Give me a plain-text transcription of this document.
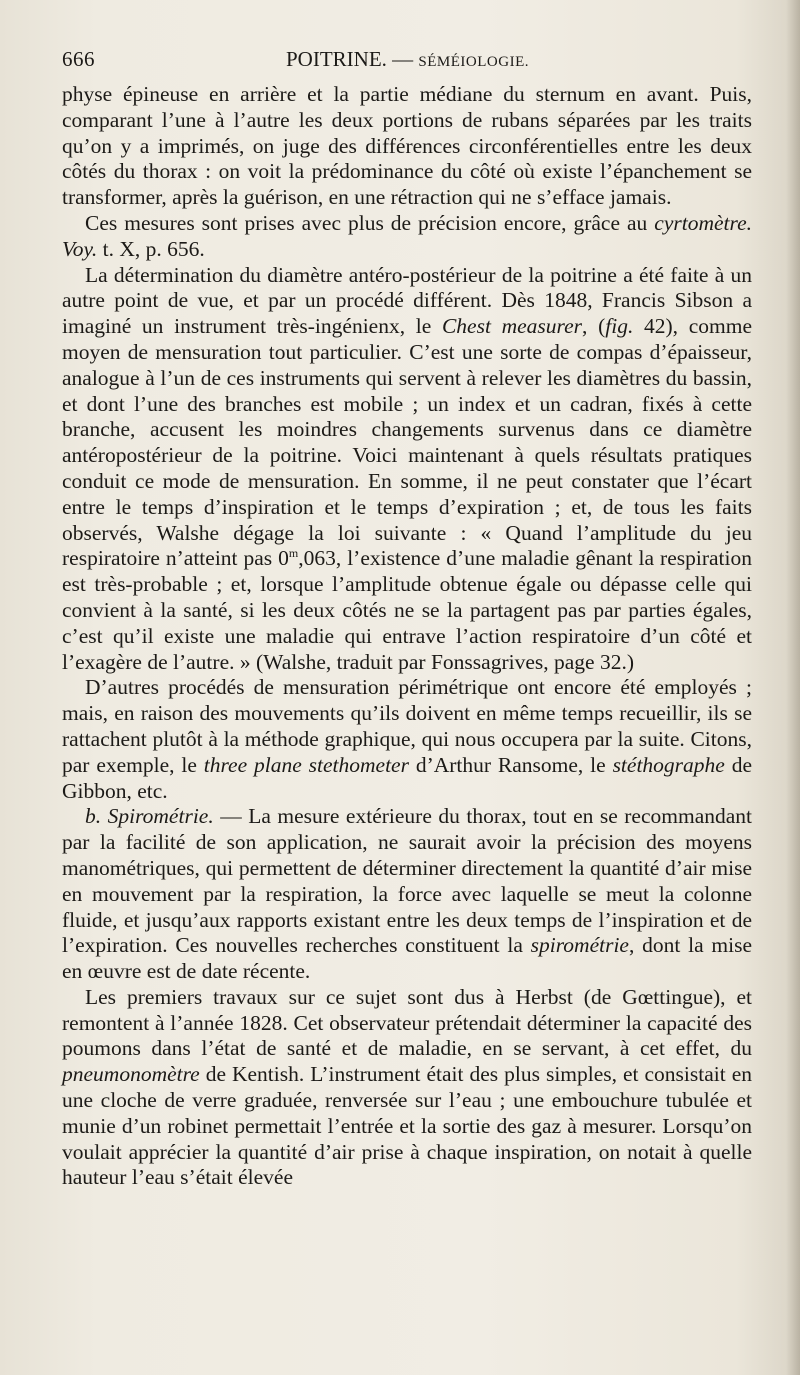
666	POITRINE. — SÉMÉIOLOGIE.

physe épineuse en arrière et la partie médiane du sternum en avant. Puis, comparant l’une à l’autre les deux portions de rubans séparées par les traits qu’on y a imprimés, on juge des différences circonférentielles entre les deux côtés du thorax : on voit la prédominance du côté où existe l’épanchement se transformer, après la guérison, en une rétraction qui ne s’efface jamais.

Ces mesures sont prises avec plus de précision encore, grâce au cyrtomètre. Voy. t. X, p. 656.

La détermination du diamètre antéro-postérieur de la poitrine a été faite à un autre point de vue, et par un procédé différent. Dès 1848, Francis Sibson a imaginé un instrument très-ingénienx, le Chest measurer, (fig. 42), comme moyen de mensuration tout particulier. C’est une sorte de compas d’épaisseur, analogue à l’un de ces instruments qui servent à relever les diamètres du bassin, et dont l’une des branches est mobile ; un index et un cadran, fixés à cette branche, accusent les moindres changements survenus dans ce diamètre antéropostérieur de la poitrine. Voici maintenant à quels résultats pratiques conduit ce mode de mensuration. En somme, il ne peut constater que l’écart entre le temps d’inspiration et le temps d’expiration ; et, de tous les faits observés, Walshe dégage la loi suivante : « Quand l’amplitude du jeu respiratoire n’atteint pas 0$^m$,063, l’existence d’une maladie gênant la respiration est très-probable ; et, lorsque l’amplitude obtenue égale ou dépasse celle qui convient à la santé, si les deux côtés ne se la partagent pas par parties égales, c’est qu’il existe une maladie qui entrave l’action respiratoire d’un côté et l’exagère de l’autre. » (Walshe, traduit par Fonssagrives, page 32.)

D’autres procédés de mensuration périmétrique ont encore été employés ; mais, en raison des mouvements qu’ils doivent en même temps recueillir, ils se rattachent plutôt à la méthode graphique, qui nous occupera par la suite. Citons, par exemple, le three plane stethometer d’Arthur Ransome, le stéthographe de Gibbon, etc.

b. Spirométrie. — La mesure extérieure du thorax, tout en se recommandant par la facilité de son application, ne saurait avoir la précision des moyens manométriques, qui permettent de déterminer directement la quantité d’air mise en mouvement par la respiration, la force avec laquelle se meut la colonne fluide, et jusqu’aux rapports existant entre les deux temps de l’inspiration et de l’expiration. Ces nouvelles recherches constituent la spirométrie, dont la mise en œuvre est de date récente.

Les premiers travaux sur ce sujet sont dus à Herbst (de Gœttingue), et remontent à l’année 1828. Cet observateur prétendait déterminer la capacité des poumons dans l’état de santé et de maladie, en se servant, à cet effet, du pneumonomètre de Kentish. L’instrument était des plus simples, et consistait en une cloche de verre graduée, renversée sur l’eau ; une embouchure tubulée et munie d’un robinet permettait l’entrée et la sortie des gaz à mesurer. Lorsqu’on voulait apprécier la quantité d’air prise à chaque inspiration, on notait à quelle hauteur l’eau s’était élevée
